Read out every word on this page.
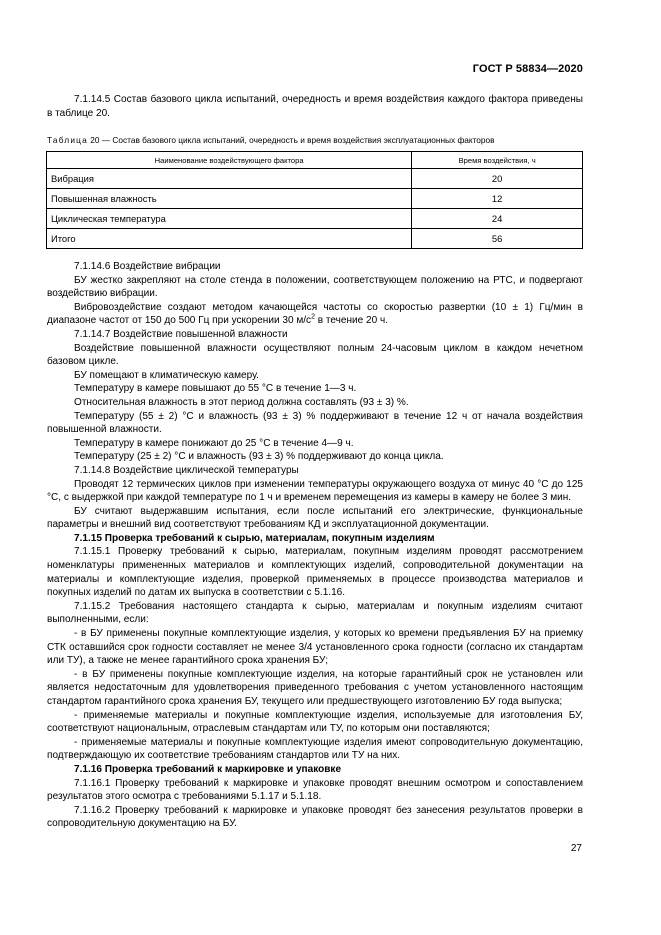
ГОСТ Р 58834—2020
7.1.14.5 Состав базового цикла испытаний, очередность и время воздействия каждого фактора приведены в таблице 20.
Таблица 20 — Состав базового цикла испытаний, очередность и время воздействия эксплуатационных факторов
Наименование воздействующего фактора	Время воздействия, ч
Вибрация	20
Повышенная влажность	12
Циклическая температура	24
Итого	56

7.1.14.6 Воздействие вибрации

БУ жестко закрепляют на столе стенда в положении, соответствующем положению на РТС, и подвергают воздействию вибрации.

Вибровоздействие создают методом качающейся частоты со скоростью развертки (10 ± 1) Гц/мин в диапазоне частот от 150 до 500 Гц при ускорении 30 $м/с^2$ в течение 20 ч.

7.1.14.7 Воздействие повышенной влажности

Воздействие повышенной влажности осуществляют полным 24-часовым циклом в каждом нечетном базовом цикле.

БУ помещают в климатическую камеру.

Температуру в камере повышают до 55 °С в течение 1—3 ч.

Относительная влажность в этот период должна составлять (93 ± 3) %.

Температуру (55 ± 2) °С и влажность (93 ± 3) % поддерживают в течение 12 ч от начала воздействия повышенной влажности.

Температуру в камере понижают до 25 °С в течение 4—9 ч.

Температуру (25 ± 2) °С и влажность (93 ± 3) % поддерживают до конца цикла.

7.1.14.8 Воздействие циклической температуры

Проводят 12 термических циклов при изменении температуры окружающего воздуха от минус 40 °С до 125 °С, с выдержкой при каждой температуре по 1 ч и временем перемещения из камеры в камеру не более 3 мин.

БУ считают выдержавшим испытания, если после испытаний его электрические, функциональные параметры и внешний вид соответствуют требованиям КД и эксплуатационной документации.

7.1.15 Проверка требований к сырью, материалам, покупным изделиям

7.1.15.1 Проверку требований к сырью, материалам, покупным изделиям проводят рассмотрением номенклатуры примененных материалов и комплектующих изделий, сопроводительной документации на материалы и комплектующие изделия, проверкой применяемых в процессе производства материалов и покупных изделий по датам их выпуска в соответствии с 5.1.16.

7.1.15.2 Требования настоящего стандарта к сырью, материалам и покупным изделиям считают выполненными, если:

- в БУ применены покупные комплектующие изделия, у которых ко времени предъявления БУ на приемку СТК оставшийся срок годности составляет не менее 3/4 установленного срока годности (согласно их стандартам или ТУ), а также не менее гарантийного срока хранения БУ;

- в БУ применены покупные комплектующие изделия, на которые гарантийный срок не установлен или является недостаточным для удовлетворения приведенного требования с учетом установленного настоящим стандартом гарантийного срока хранения БУ, текущего или предшествующего изготовлению БУ года выпуска;

- применяемые материалы и покупные комплектующие изделия, используемые для изготовления БУ, соответствуют национальным, отраслевым стандартам или ТУ, по которым они поставляются;

- применяемые материалы и покупные комплектующие изделия имеют сопроводительную документацию, подтверждающую их соответствие требованиям стандартов или ТУ на них.

7.1.16 Проверка требований к маркировке и упаковке

7.1.16.1 Проверку требований к маркировке и упаковке проводят внешним осмотром и сопоставлением результатов этого осмотра с требованиями 5.1.17 и 5.1.18.

7.1.16.2 Проверку требований к маркировке и упаковке проводят без занесения результатов проверки в сопроводительную документацию на БУ.

27
